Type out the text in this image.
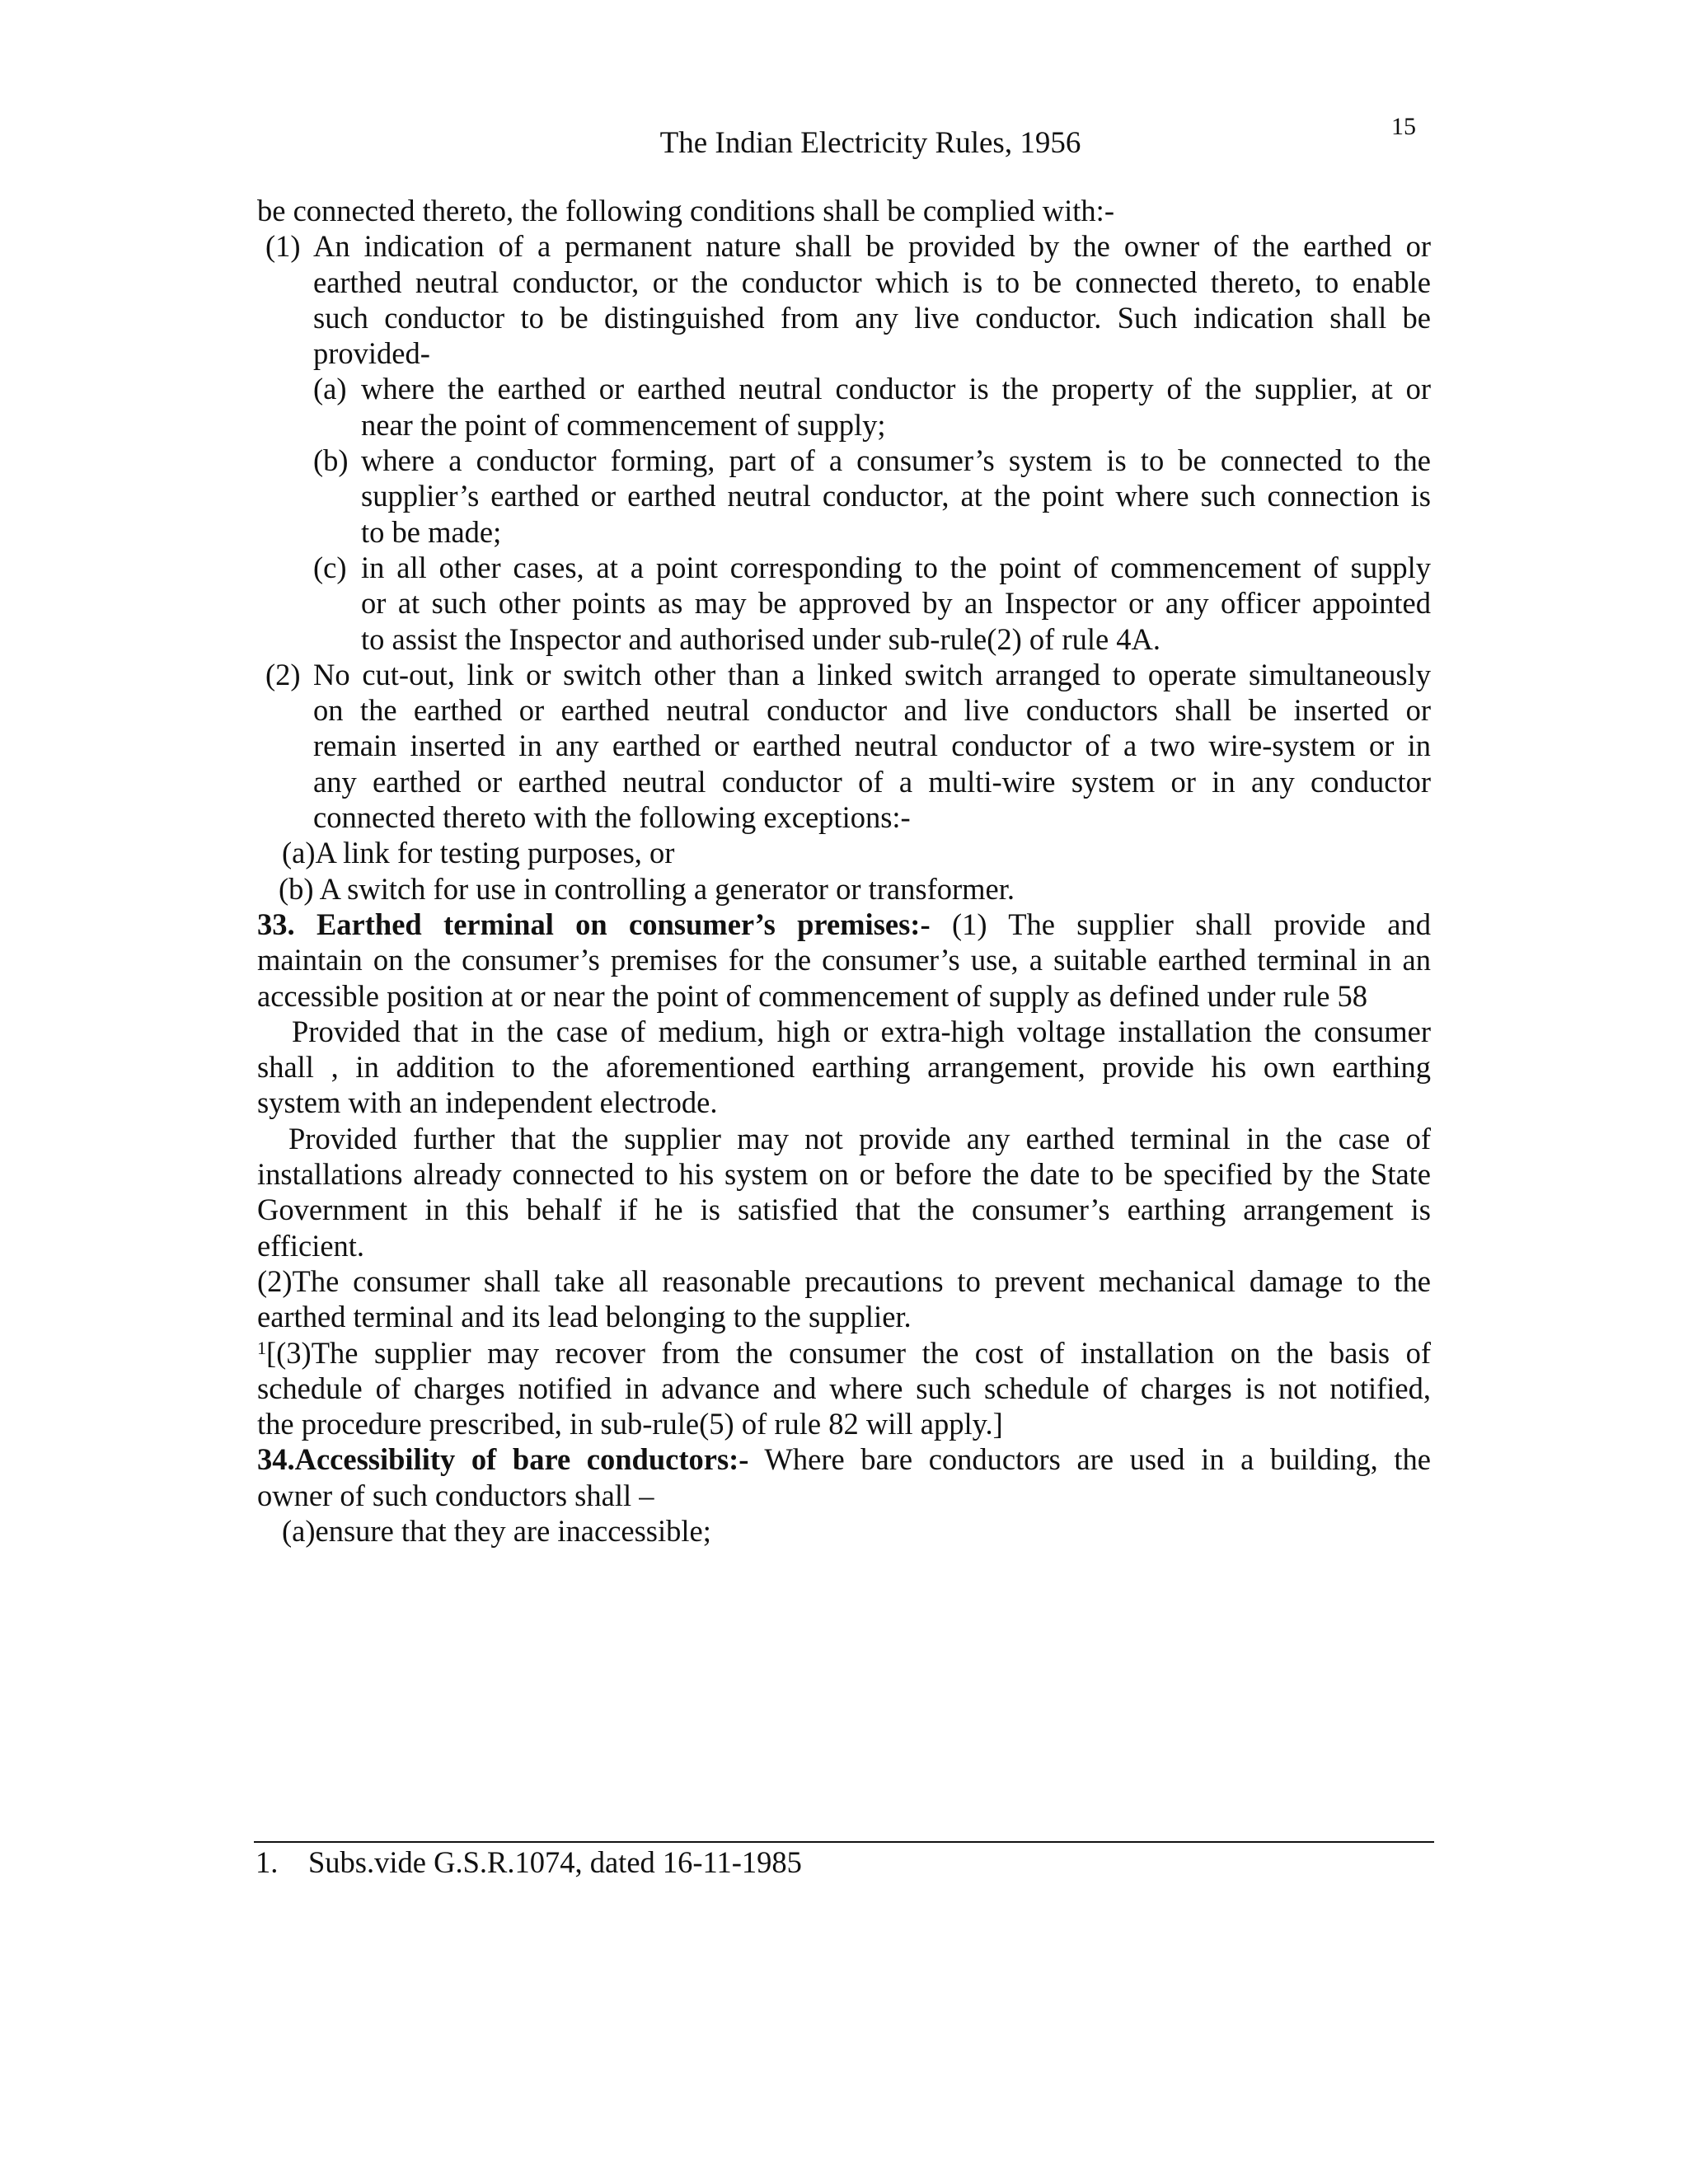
15
The Indian Electricity Rules, 1956
be connected thereto, the following conditions shall be complied with:-
(1) An indication of a permanent nature shall be provided by the owner of the earthed or
earthed neutral conductor, or the conductor which is to be connected thereto, to enable
such conductor to be distinguished from any live conductor. Such indication shall be
provided-
(a) where the earthed or earthed neutral conductor is the property of the supplier, at or
near the point of commencement of supply;
(b) where a conductor forming, part of a consumer’s system is to be connected to the
supplier’s earthed or earthed neutral conductor, at the point where such connection is
to be made;
(c) in all other cases, at a point corresponding to the point of commencement of supply
or at such other points as may be approved by an Inspector or any officer appointed
to assist the Inspector and authorised under sub-rule(2) of rule 4A.
(2) No cut-out, link or switch other than a linked switch arranged to operate simultaneously
on the earthed or earthed neutral conductor and live conductors shall be inserted or
remain inserted in any earthed or earthed neutral conductor of a two wire-system or in
any earthed or earthed neutral conductor of a multi-wire system or in any conductor
connected thereto with the following exceptions:-
(a)A link for testing purposes, or
(b) A switch for use in controlling a generator or transformer.
33. Earthed terminal on consumer’s premises:- (1) The supplier shall provide and
maintain on the consumer’s premises for the consumer’s use, a suitable earthed terminal in an
accessible position at or near the point of commencement of supply as defined under rule 58
Provided that in the case of medium, high or extra-high voltage installation the consumer
shall , in addition to the aforementioned earthing arrangement, provide his own earthing
system with an independent electrode.
Provided further that the supplier may not provide any earthed terminal in the case of
installations already connected to his system on or before the date to be specified by the State
Government in this behalf if he is satisfied that the consumer’s earthing arrangement is
efficient.
(2)The consumer shall take all reasonable precautions to prevent mechanical damage to the
earthed terminal and its lead belonging to the supplier.
$^1$[(3)The supplier may recover from the consumer the cost of installation on the basis of
schedule of charges notified in advance and where such schedule of charges is not notified,
the procedure prescribed, in sub-rule(5) of rule 82 will apply.]
34.Accessibility of bare conductors:- Where bare conductors are used in a building, the
owner of such conductors shall –
(a)ensure that they are inaccessible;
1. Subs.vide G.S.R.1074, dated 16-11-1985
